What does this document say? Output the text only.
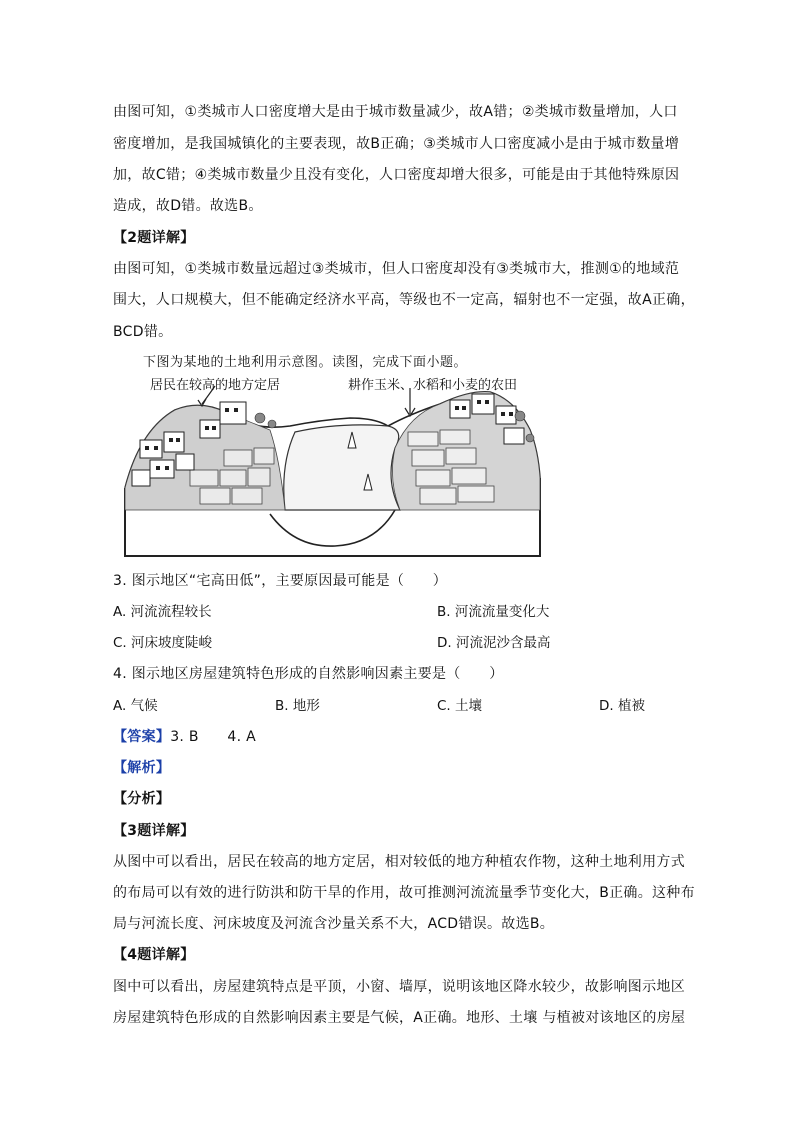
由图可知，①类城市人口密度增大是由于城市数量减少，故A错；②类城市数量增加，人口
密度增加，是我国城镇化的主要表现，故B正确；③类城市人口密度减小是由于城市数量增
加，故C错；④类城市数量少且没有变化，人口密度却增大很多，可能是由于其他特殊原因
造成，故D错。故选B。
【2题详解】
由图可知，①类城市数量远超过③类城市，但人口密度却没有③类城市大，推测①的地域范
围大，人口规模大，但不能确定经济水平高，等级也不一定高，辐射也不一定强，故A正确，
BCD错。
下图为某地的土地利用示意图。读图，完成下面小题。
居民在较高的地方定居	耕作玉米、水稻和小麦的农田
3. 图示地区“宅高田低”，主要原因最可能是（　　）
A. 河流流程较长	B. 河流流量变化大
C. 河床坡度陡峻	D. 河流泥沙含最高
4. 图示地区房屋建筑特色形成的自然影响因素主要是（　　）
A. 气候	B. 地形	C. 土壤	D. 植被
【答案】3. B　　4. A
【解析】
【分析】
【3题详解】
从图中可以看出，居民在较高的地方定居，相对较低的地方种植农作物，这种土地利用方式
的布局可以有效的进行防洪和防干旱的作用，故可推测河流流量季节变化大，B正确。这种布
局与河流长度、河床坡度及河流含沙量关系不大，ACD错误。故选B。
【4题详解】
图中可以看出，房屋建筑特点是平顶，小窗、墙厚，说明该地区降水较少，故影响图示地区
房屋建筑特色形成的自然影响因素主要是气候，A正确。地形、土壤 与植被对该地区的房屋
